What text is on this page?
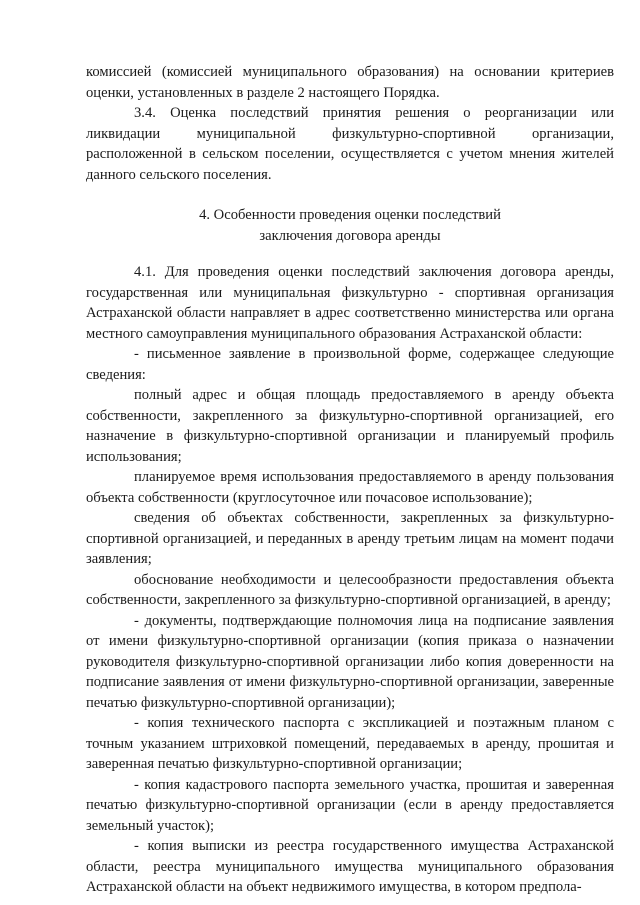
комиссией (комиссией муниципального образования) на основании критериев оценки, установленных в разделе 2 настоящего Порядка.

3.4. Оценка последствий принятия решения о реорганизации или ликвидации муниципальной физкультурно-спортивной организации, расположенной в сельском поселении, осуществляется с учетом мнения жителей данного сельского поселения.

4. Особенности проведения оценки последствий
заключения договора аренды

4.1. Для проведения оценки последствий заключения договора аренды, государственная или муниципальная физкультурно - спортивная организация Астраханской области направляет в адрес соответственно министерства или органа местного самоуправления муниципального образования Астраханской области:

- письменное заявление в произвольной форме, содержащее следующие сведения:

полный адрес и общая площадь предоставляемого в аренду объекта собственности, закрепленного за физкультурно-спортивной организацией, его назначение в физкультурно-спортивной организации и планируемый профиль использования;

планируемое время использования предоставляемого в аренду пользования объекта собственности (круглосуточное или почасовое использование);

сведения об объектах собственности, закрепленных за физкультурно-спортивной организацией, и переданных в аренду третьим лицам на момент подачи заявления;

обоснование необходимости и целесообразности предоставления объекта собственности, закрепленного за физкультурно-спортивной организацией, в аренду;

- документы, подтверждающие полномочия лица на подписание заявления от имени физкультурно-спортивной организации (копия приказа о назначении руководителя физкультурно-спортивной организации либо копия доверенности на подписание заявления от имени физкультурно-спортивной организации, заверенные печатью физкультурно-спортивной организации);

- копия технического паспорта с экспликацией и поэтажным планом с точным указанием штриховкой помещений, передаваемых в аренду, прошитая и заверенная печатью физкультурно-спортивной организации;

- копия кадастрового паспорта земельного участка, прошитая и заверенная печатью физкультурно-спортивной организации (если в аренду предоставляется земельный участок);

- копия выписки из реестра государственного имущества Астраханской области, реестра муниципального имущества муниципального образования Астраханской области на объект недвижимого имущества, в котором предпола-
